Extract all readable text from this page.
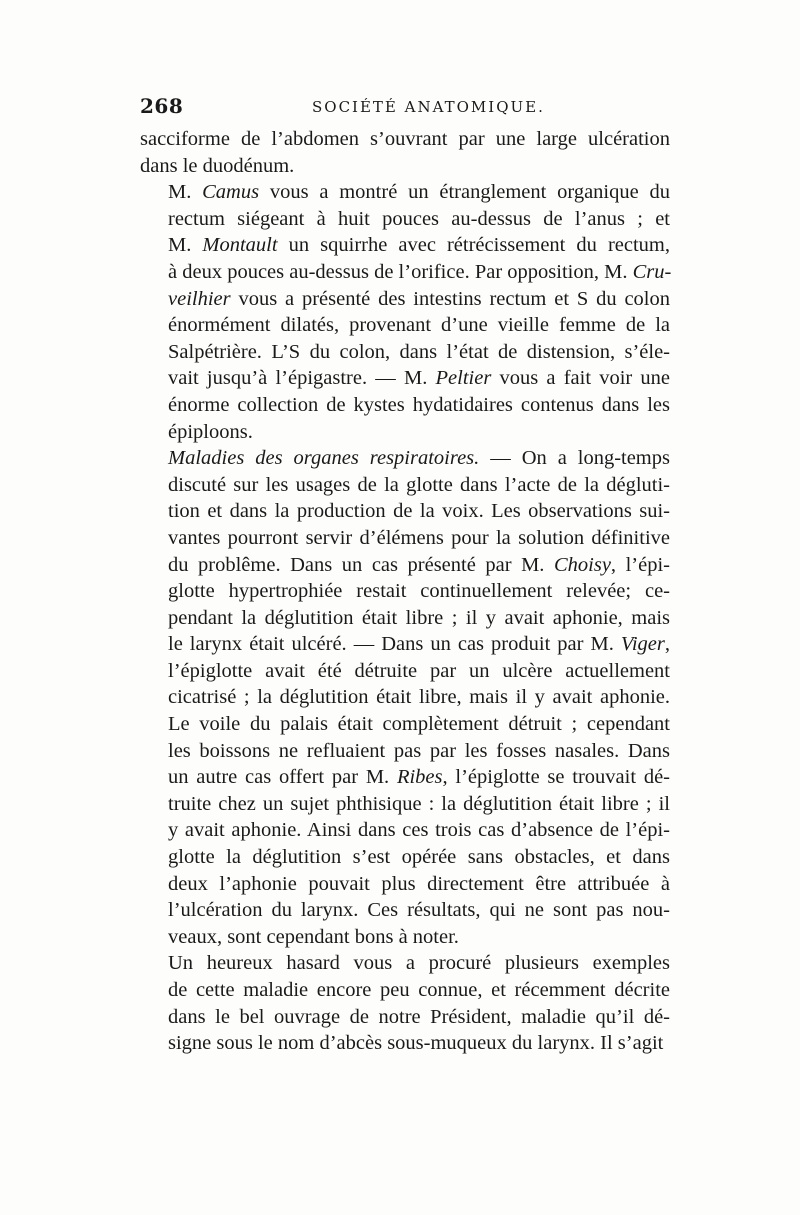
268	SOCIÉTÉ ANATOMIQUE.

sacciforme de l’abdomen s’ouvrant par une large ulcération
dans le duodénum.

M. Camus vous a montré un étranglement organique du
rectum siégeant à huit pouces au-dessus de l’anus ; et
M. Montault un squirrhe avec rétrécissement du rectum,
à deux pouces au-dessus de l’orifice. Par opposition, M. Cru-
veilhier vous a présenté des intestins rectum et S du colon
énormément dilatés, provenant d’une vieille femme de la
Salpétrière. L’S du colon, dans l’état de distension, s’éle-
vait jusqu’à l’épigastre. — M. Peltier vous a fait voir une
énorme collection de kystes hydatidaires contenus dans les
épiploons.

Maladies des organes respiratoires. — On a long-temps
discuté sur les usages de la glotte dans l’acte de la dégluti-
tion et dans la production de la voix. Les observations sui-
vantes pourront servir d’élémens pour la solution définitive
du problême. Dans un cas présenté par M. Choisy, l’épi-
glotte hypertrophiée restait continuellement relevée; ce-
pendant la déglutition était libre ; il y avait aphonie, mais
le larynx était ulcéré. — Dans un cas produit par M. Viger,
l’épiglotte avait été détruite par un ulcère actuellement
cicatrisé ; la déglutition était libre, mais il y avait aphonie.
Le voile du palais était complètement détruit ; cependant
les boissons ne refluaient pas par les fosses nasales. Dans
un autre cas offert par M. Ribes, l’épiglotte se trouvait dé-
truite chez un sujet phthisique : la déglutition était libre ; il
y avait aphonie. Ainsi dans ces trois cas d’absence de l’épi-
glotte la déglutition s’est opérée sans obstacles, et dans
deux l’aphonie pouvait plus directement être attribuée à
l’ulcération du larynx. Ces résultats, qui ne sont pas nou-
veaux, sont cependant bons à noter.

Un heureux hasard vous a procuré plusieurs exemples
de cette maladie encore peu connue, et récemment décrite
dans le bel ouvrage de notre Président, maladie qu’il dé-
signe sous le nom d’abcès sous-muqueux du larynx. Il s’agit
